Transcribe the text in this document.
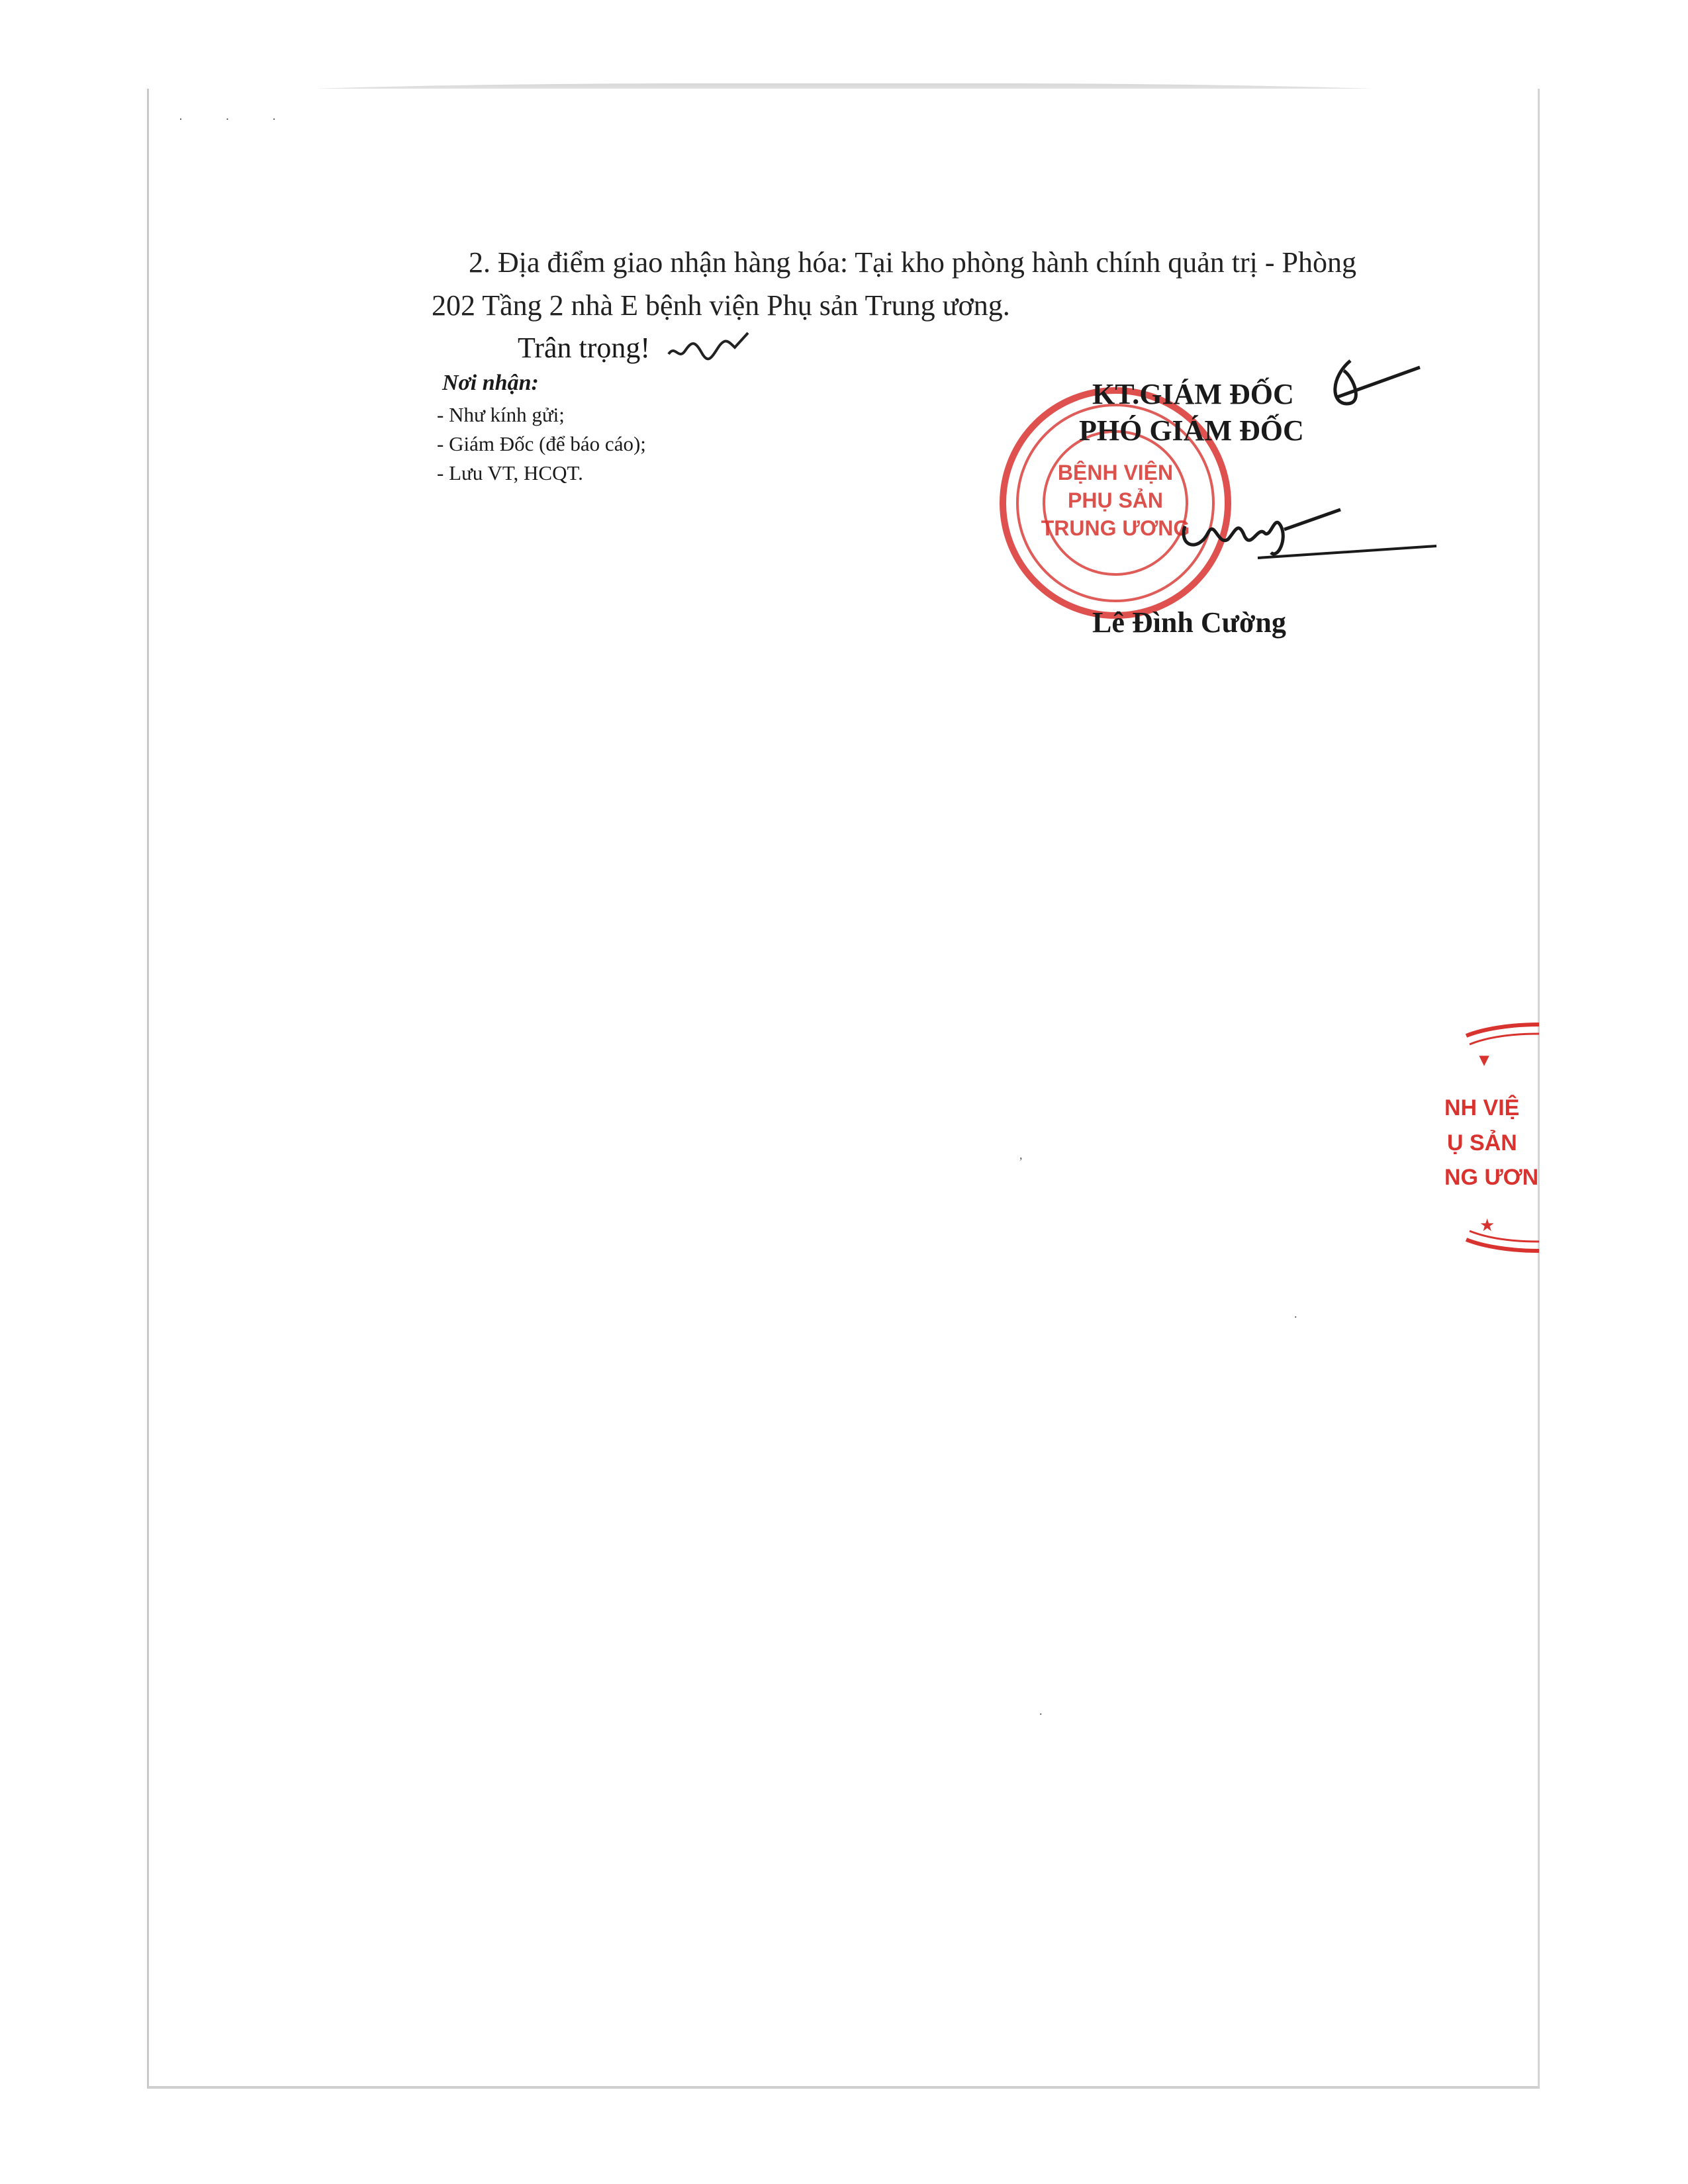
· · ·
2. Địa điểm giao nhận hàng hóa: Tại kho phòng hành chính quản trị - Phòng
202 Tầng 2 nhà E bệnh viện Phụ sản Trung ương.
Trân trọng!
Nơi nhận:
- Như kính gửi;
- Giám Đốc (để báo cáo);
- Lưu VT, HCQT.	BỆNH VIỆN
PHỤ SẢN
TRUNG ƯƠNG
KT.GIÁM ĐỐC
PHÓ GIÁM ĐỐC
Lê Đình Cường
▾
NH VIỆ
Ụ SẢN
NG ƯƠN
★
,
.
.
